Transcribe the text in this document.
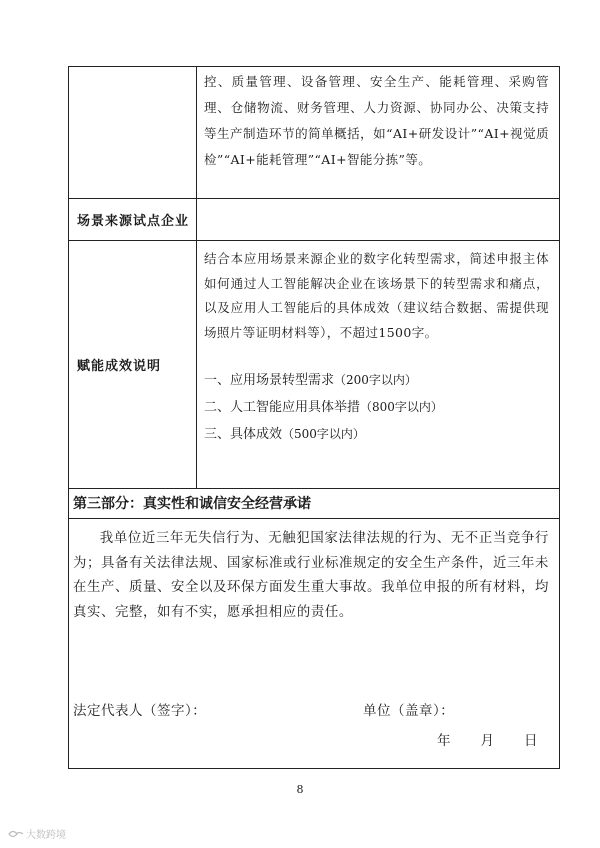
控、质量管理、设备管理、安全生产、能耗管理、采购管理、仓储物流、财务管理、人力资源、协同办公、决策支持等生产制造环节的简单概括，如“AI+研发设计”“AI+视觉质检”“AI+能耗管理”“AI+智能分拣”等。

场景来源试点企业
赋能成效说明

结合本应用场景来源企业的数字化转型需求，简述申报主体如何通过人工智能解决企业在该场景下的转型需求和痛点，以及应用人工智能后的具体成效（建议结合数据、需提供现场照片等证明材料等），不超过1500字。

一、应用场景转型需求（200字以内）

二、人工智能应用具体举措（800字以内）

三、具体成效（500字以内）

第三部分：真实性和诚信安全经营承诺

我单位近三年无失信行为、无触犯国家法律法规的行为、无不正当竞争行为；具备有关法律法规、国家标准或行业标准规定的安全生产条件，近三年未在生产、质量、安全以及环保方面发生重大事故。我单位申报的所有材料，均真实、完整，如有不实，愿承担相应的责任。

法定代表人（签字）：	单位（盖章）：
年　　月　　日
8
大数跨境
